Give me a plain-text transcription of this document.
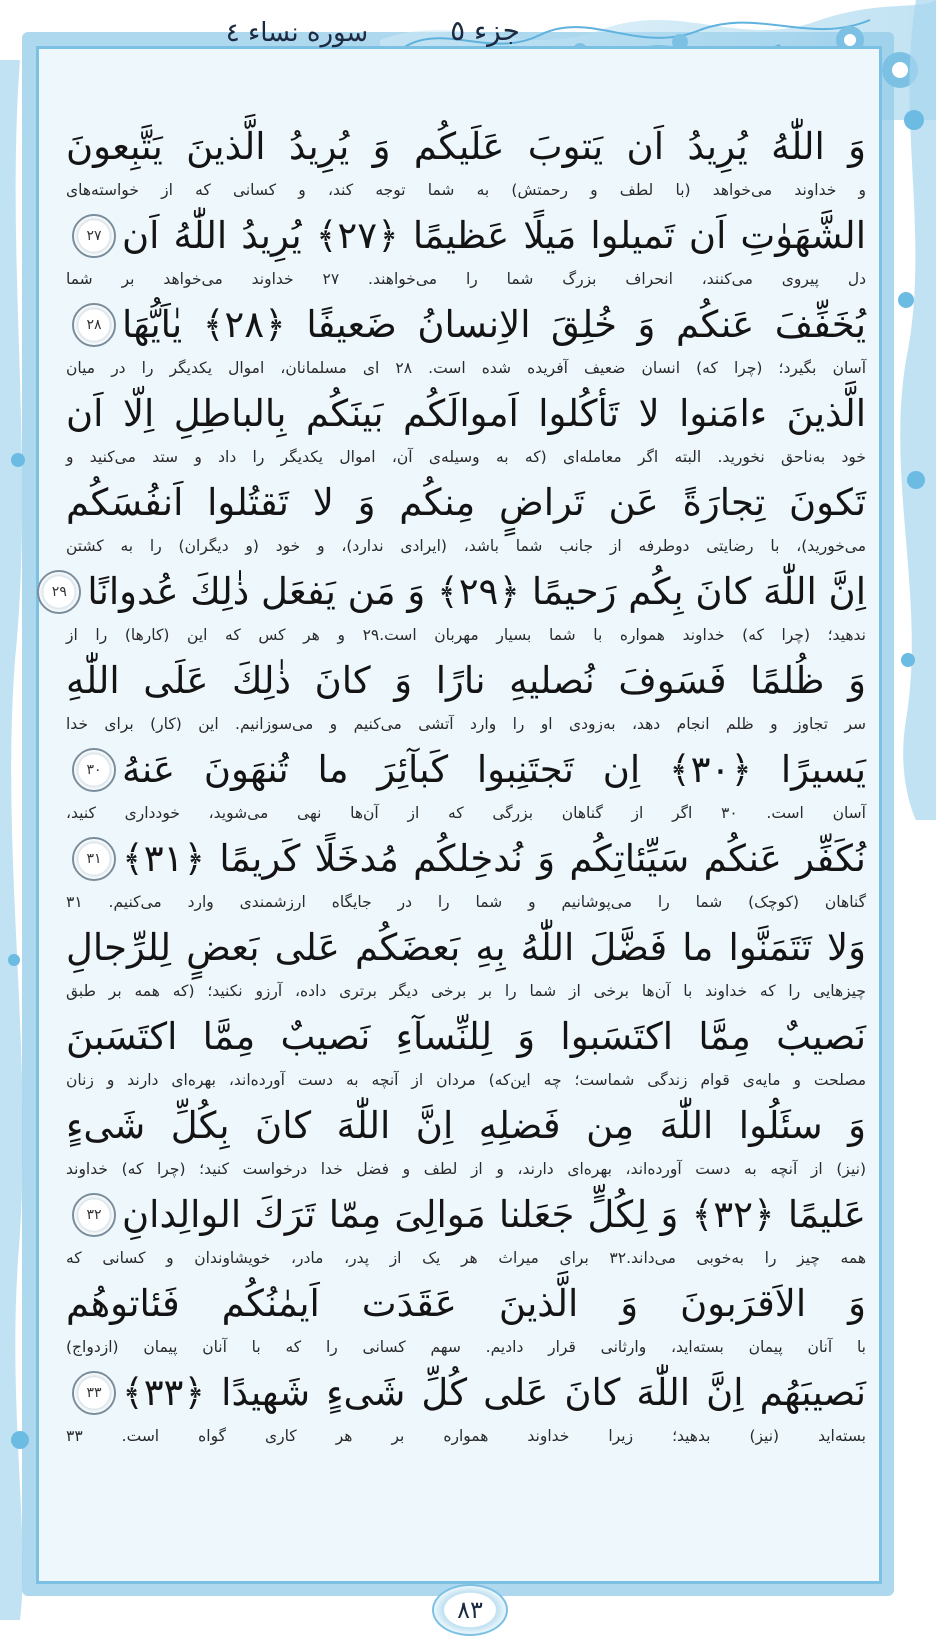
سوره نساء ٤	جزء ٥
وَ اللّٰهُ یُرِیدُ اَن یَتوبَ عَلَیکُم وَ یُرِیدُ الَّذینَ یَتَّبِعونَ
و خداوند می‌خواهد (با لطف و رحمتش) به شما توجه کند، و کسانی که از خواسته‌های
الشَّهَوٰتِ اَن تَمیلوا مَیلًا عَظیمًا ﴿٢٧﴾ یُرِیدُ اللّٰهُ اَن
٢٧
دل پیروی می‌کنند، انحراف بزرگ شما را می‌خواهند. ٢٧ خداوند می‌خواهد بر شما
یُخَفِّفَ عَنکُم وَ خُلِقَ الاِنسانُ ضَعیفًا ﴿٢٨﴾ یٰاَیُّهَا
٢٨
آسان بگیرد؛ (چرا که) انسان ضعیف آفریده شده است. ٢٨ ای مسلمانان، اموال یکدیگر را در میان
الَّذینَ ءامَنوا لا تَأكُلوا اَموالَکُم بَینَکُم بِالباطِلِ اِلّا اَن
خود به‌ناحق نخورید. البته اگر معامله‌ای (که به وسیله‌ی آن، اموال یکدیگر را داد و ستد می‌کنید و
تَکونَ تِجارَةً عَن تَراضٍ مِنکُم وَ لا تَقتُلوا اَنفُسَکُم
می‌خورید)، با رضایتی دوطرفه از جانب شما باشد، (ایرادی ندارد)، و خود (و دیگران) را به کشتن
اِنَّ اللّٰهَ کانَ بِکُم رَحیمًا ﴿٢٩﴾ وَ مَن یَفعَل ذٰلِكَ عُدوانًا
٢٩
ندهید؛ (چرا که) خداوند همواره با شما بسیار مهربان است.٢٩ و هر کس که این (کارها) را از
وَ ظُلمًا فَسَوفَ نُصلیهِ نارًا وَ کانَ ذٰلِكَ عَلَی اللّٰهِ
سر تجاوز و ظلم انجام دهد، به‌زودی او را وارد آتشی می‌کنیم و می‌سوزانیم. این (کار) برای خدا
یَسیرًا ﴿٣٠﴾ اِن تَجتَنِبوا کَبآئِرَ ما تُنهَونَ عَنهُ
٣٠
آسان است. ٣٠ اگر از گناهان بزرگی که از آن‌ها نهی می‌شوید، خودداری کنید،
نُکَفِّر عَنکُم سَیِّئاتِکُم وَ نُدخِلکُم مُدخَلًا کَریمًا ﴿٣١﴾
٣١
گناهان (کوچک) شما را می‌پوشانیم و شما را در جایگاه ارزشمندی وارد می‌کنیم. ٣١
وَلا تَتَمَنَّوا ما فَضَّلَ اللّٰهُ بِهِ بَعضَکُم عَلی بَعضٍ لِلرِّجالِ
چیزهایی را که خداوند با آن‌ها برخی از شما را بر برخی دیگر برتری داده، آرزو نکنید؛ (که همه بر طبق
نَصیبٌ مِمَّا اکتَسَبوا وَ لِلنِّسآءِ نَصیبٌ مِمَّا اکتَسَبنَ
مصلحت و مایه‌ی قوام زندگی شماست؛ چه این‌که) مردان از آنچه به دست آورده‌اند، بهره‌ای دارند و زنان
وَ سئَلُوا اللّٰهَ مِن فَضلِهِ اِنَّ اللّٰهَ کانَ بِکُلِّ شَیءٍ
(نیز) از آنچه به دست آورده‌اند، بهره‌ای دارند، و از لطف و فضل خدا درخواست کنید؛ (چرا که) خداوند
عَلیمًا ﴿٣٢﴾ وَ لِکُلٍّ جَعَلنا مَوالِیَ مِمّا تَرَكَ الوالِدانِ
٣٢
همه چیز را به‌خوبی می‌داند.٣٢ برای میراث هر یک از پدر، مادر، خویشاوندان و کسانی که
وَ الاَقرَبونَ وَ الَّذینَ عَقَدَت اَیمٰنُکُم فَئاتوهُم
با آنان پیمان بسته‌اید، وارثانی قرار دادیم. سهم کسانی را که با آنان پیمان (ازدواج)
نَصیبَهُم اِنَّ اللّٰهَ کانَ عَلی کُلِّ شَیءٍ شَهیدًا ﴿٣٣﴾
٣٣
بسته‌اید (نیز) بدهید؛ زیرا خداوند همواره بر هر کاری گواه است. ٣٣
٨٣
